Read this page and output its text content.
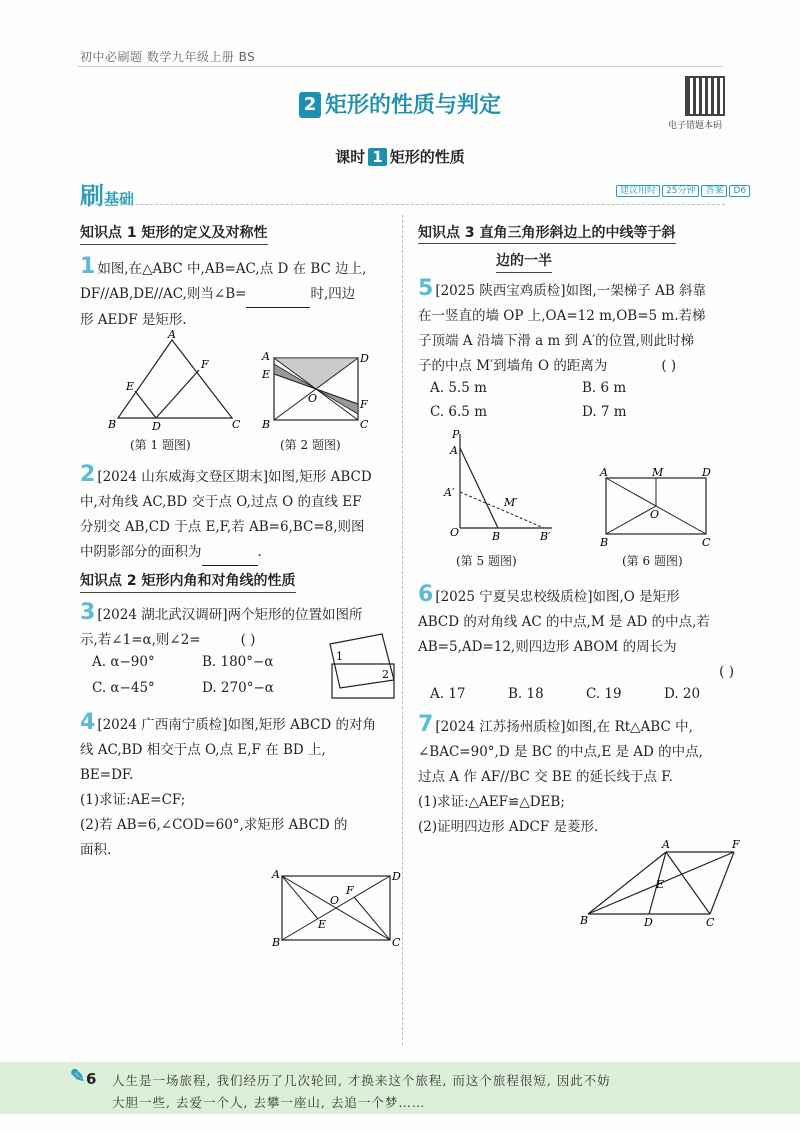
初中必刷题 数学九年级上册 BS
电子错题本码
2 矩形的性质与判定
课时 1 矩形的性质
刷基础	建议用时 25分钟 答案 D6
知识点 1 矩形的定义及对称性
1 如图,在△ABC 中,AB=AC,点 D 在 BC 边上,
DF//AB,DE//AC,则当∠B=	时,四边
形 AEDF 是矩形.
A
E
F
B	D	C
A	D
E
O	F
B	C
(第 1 题图)	(第 2 题图)
2 [2024 山东威海文登区期末]如图,矩形 ABCD
中,对角线 AC,BD 交于点 O,过点 O 的直线 EF
分别交 AB,CD 于点 E,F,若 AB=6,BC=8,则图
中阴影部分的面积为	.
知识点 2 矩形内角和对角线的性质
3 [2024 湖北武汉调研]两个矩形的位置如图所
示,若∠1=α,则∠2=	( )
A. α−90°	B. 180°−α
C. α−45°	D. 270°−α
1
2
4 [2024 广西南宁质检]如图,矩形 ABCD 的对角
线 AC,BD 相交于点 O,点 E,F 在 BD 上,
BE=DF.
(1)求证:AE=CF;
(2)若 AB=6,∠COD=60°,求矩形 ABCD 的
面积.
A	D
O
F
E
B	C
知识点 3 直角三角形斜边上的中线等于斜
边的一半
5 [2025 陕西宝鸡质检]如图,一架梯子 AB 斜靠
在一竖直的墙 OP 上,OA=12 m,OB=5 m.若梯
子顶端 A 沿墙下滑 a m 到 A′的位置,则此时梯
子的中点 M′到墙角 O 的距离为	( )
A. 5.5 m	B. 6 m
C. 6.5 m	D. 7 m
P
A
A′
M′
O	B	B′
A	M	D
O
B	C
(第 5 题图)	(第 6 题图)
6 [2025 宁夏吴忠校级质检]如图,O 是矩形
ABCD 的对角线 AC 的中点,M 是 AD 的中点,若
AB=5,AD=12,则四边形 ABOM 的周长为
( )
A. 17	B. 18	C. 19	D. 20
7 [2024 江苏扬州质检]如图,在 Rt△ABC 中,
∠BAC=90°,D 是 BC 的中点,E 是 AD 的中点,
过点 A 作 AF//BC 交 BE 的延长线于点 F.
(1)求证:△AEF≌△DEB;
(2)证明四边形 ADCF 是菱形.
A	F
E
B	D	C
✎ 6 人生是一场旅程, 我们经历了几次轮回, 才换来这个旅程, 而这个旅程很短, 因此不妨
大胆一些, 去爱一个人, 去攀一座山, 去追一个梦……
